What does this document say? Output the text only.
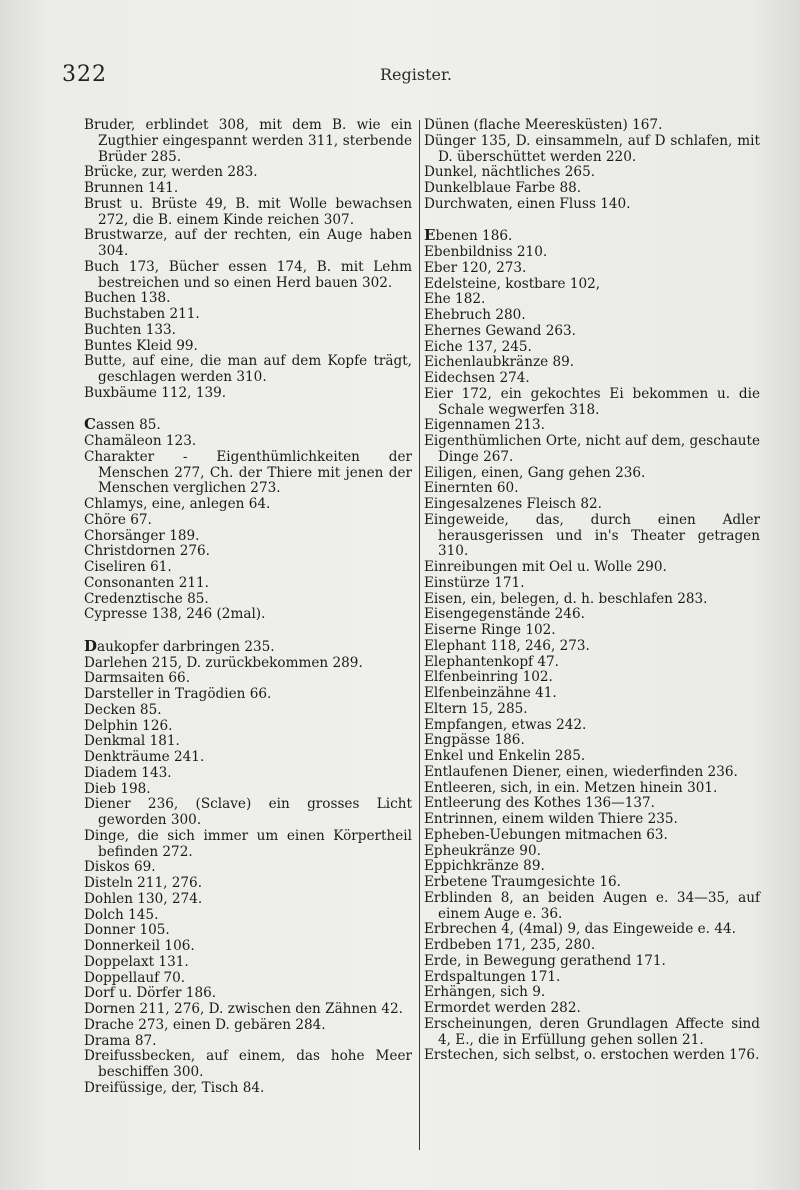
322	Register.

Bruder, erblindet 308, mit dem B. wie ein Zugthier eingespannt werden 311, sterbende Brüder 285.

Brücke, zur, werden 283.

Brunnen 141.

Brust u. Brüste 49, B. mit Wolle bewachsen 272, die B. einem Kinde reichen 307.

Brustwarze, auf der rechten, ein Auge haben 304.

Buch 173, Bücher essen 174, B. mit Lehm bestreichen und so einen Herd bauen 302.

Buchen 138.

Buchstaben 211.

Buchten 133.

Buntes Kleid 99.

Butte, auf eine, die man auf dem Kopfe trägt, geschlagen werden 310.

Buxbäume 112, 139.

Cassen 85.

Chamäleon 123.

Charakter - Eigenthümlichkeiten der Menschen 277, Ch. der Thiere mit jenen der Menschen verglichen 273.

Chlamys, eine, anlegen 64.

Chöre 67.

Chorsänger 189.

Christdornen 276.

Ciseliren 61.

Consonanten 211.

Credenztische 85.

Cypresse 138, 246 (2mal).

Daukopfer darbringen 235.

Darlehen 215, D. zurückbekommen 289.

Darmsaiten 66.

Darsteller in Tragödien 66.

Decken 85.

Delphin 126.

Denkmal 181.

Denkträume 241.

Diadem 143.

Dieb 198.

Diener 236, (Sclave) ein grosses Licht geworden 300.

Dinge, die sich immer um einen Körpertheil befinden 272.

Diskos 69.

Disteln 211, 276.

Dohlen 130, 274.

Dolch 145.

Donner 105.

Donnerkeil 106.

Doppelaxt 131.

Doppellauf 70.

Dorf u. Dörfer 186.

Dornen 211, 276, D. zwischen den Zähnen 42.

Drache 273, einen D. gebären 284.

Drama 87.

Dreifussbecken, auf einem, das hohe Meer beschiffen 300.

Dreifüssige, der, Tisch 84.

Dünen (flache Meeresküsten) 167.

Dünger 135, D. einsammeln, auf D schlafen, mit D. überschüttet werden 220.

Dunkel, nächtliches 265.

Dunkelblaue Farbe 88.

Durchwaten, einen Fluss 140.

Ebenen 186.

Ebenbildniss 210.

Eber 120, 273.

Edelsteine, kostbare 102,

Ehe 182.

Ehebruch 280.

Ehernes Gewand 263.

Eiche 137, 245.

Eichenlaubkränze 89.

Eidechsen 274.

Eier 172, ein gekochtes Ei bekommen u. die Schale wegwerfen 318.

Eigennamen 213.

Eigenthümlichen Orte, nicht auf dem, geschaute Dinge 267.

Eiligen, einen, Gang gehen 236.

Einernten 60.

Eingesalzenes Fleisch 82.

Eingeweide, das, durch einen Adler herausgerissen und in's Theater getragen 310.

Einreibungen mit Oel u. Wolle 290.

Einstürze 171.

Eisen, ein, belegen, d. h. beschlafen 283.

Eisengegenstände 246.

Eiserne Ringe 102.

Elephant 118, 246, 273.

Elephantenkopf 47.

Elfenbeinring 102.

Elfenbeinzähne 41.

Eltern 15, 285.

Empfangen, etwas 242.

Engpässe 186.

Enkel und Enkelin 285.

Entlaufenen Diener, einen, wiederfinden 236.

Entleeren, sich, in ein. Metzen hinein 301.

Entleerung des Kothes 136—137.

Entrinnen, einem wilden Thiere 235.

Epheben-Uebungen mitmachen 63.

Epheukränze 90.

Eppichkränze 89.

Erbetene Traumgesichte 16.

Erblinden 8, an beiden Augen e. 34—35, auf einem Auge e. 36.

Erbrechen 4, (4mal) 9, das Eingeweide e. 44.

Erdbeben 171, 235, 280.

Erde, in Bewegung gerathend 171.

Erdspaltungen 171.

Erhängen, sich 9.

Ermordet werden 282.

Erscheinungen, deren Grundlagen Affecte sind 4, E., die in Erfüllung gehen sollen 21.

Erstechen, sich selbst, o. erstochen werden 176.
